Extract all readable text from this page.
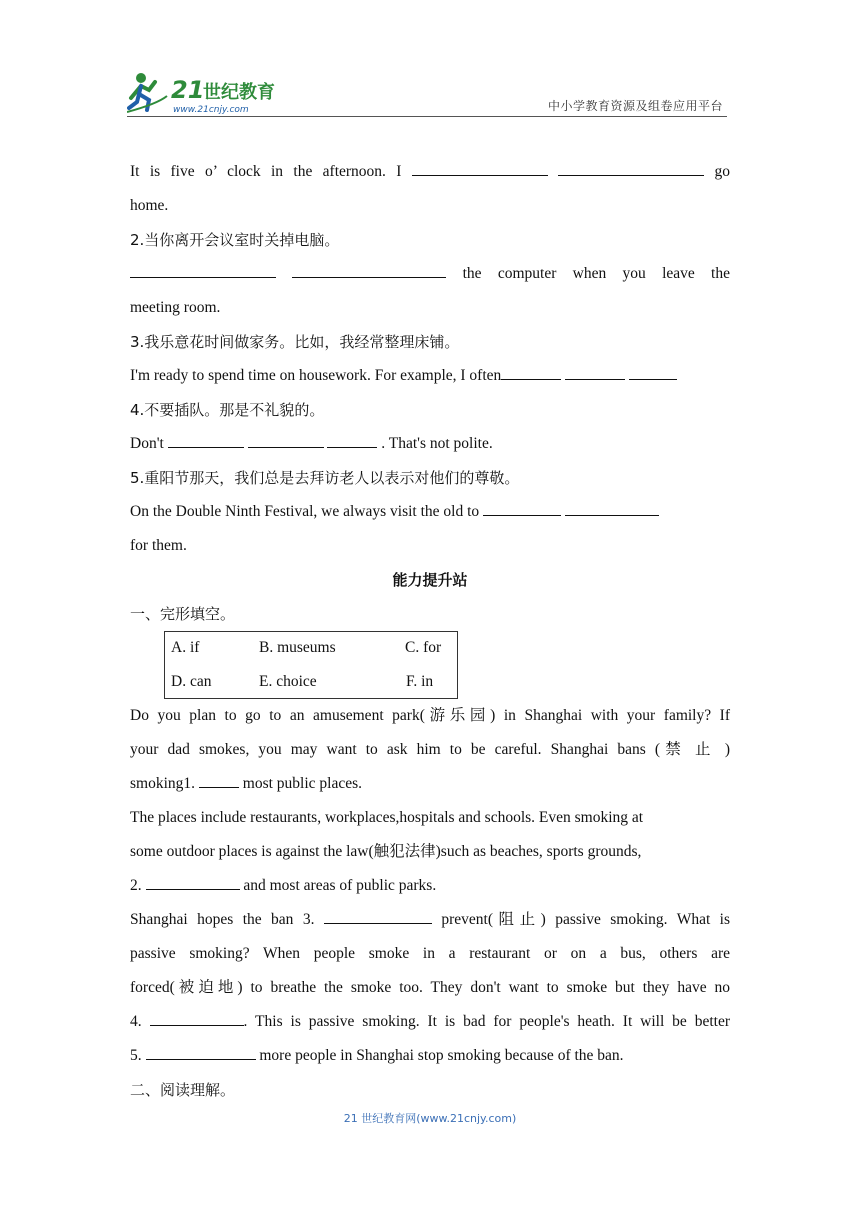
21
世纪教育
www.21cnjy.com	中小学教育资源及组卷应用平台
It is five o’ clock in the afternoon. I	go
home.
2.当你离开会议室时关掉电脑。
the computer when you leave the
meeting room.
3.我乐意花时间做家务。比如，我经常整理床铺。
I'm ready to spend time on housework. For example, I often
4.不要插队。那是不礼貌的。
Don't	. That's not polite.
5.重阳节那天，我们总是去拜访老人以表示对他们的尊敬。
On the Double Ninth Festival, we always visit the old to
for them.
能力提升站
一、完形填空。
A. if	B. museums	C. for
D. can	E. choice	F. in
Do you plan to go to an amusement park(游乐园) in Shanghai with your family? If
your dad smokes, you may want to ask him to be careful. Shanghai bans (禁 止 )
smoking1.	most public places.
The places include restaurants, workplaces,hospitals and schools. Even smoking at
some outdoor places is against the law(触犯法律)such as beaches, sports grounds,
2.	and most areas of public parks.
Shanghai hopes the ban 3.	prevent(阻止) passive smoking. What is
passive smoking? When people smoke in a restaurant or on a bus, others are
forced(被迫地) to breathe the smoke too. They don't want to smoke but they have no
4.	. This is passive smoking. It is bad for people's heath. It will be better
5.	more people in Shanghai stop smoking because of the ban.
二、阅读理解。
21 世纪教育网(www.21cnjy.com)
